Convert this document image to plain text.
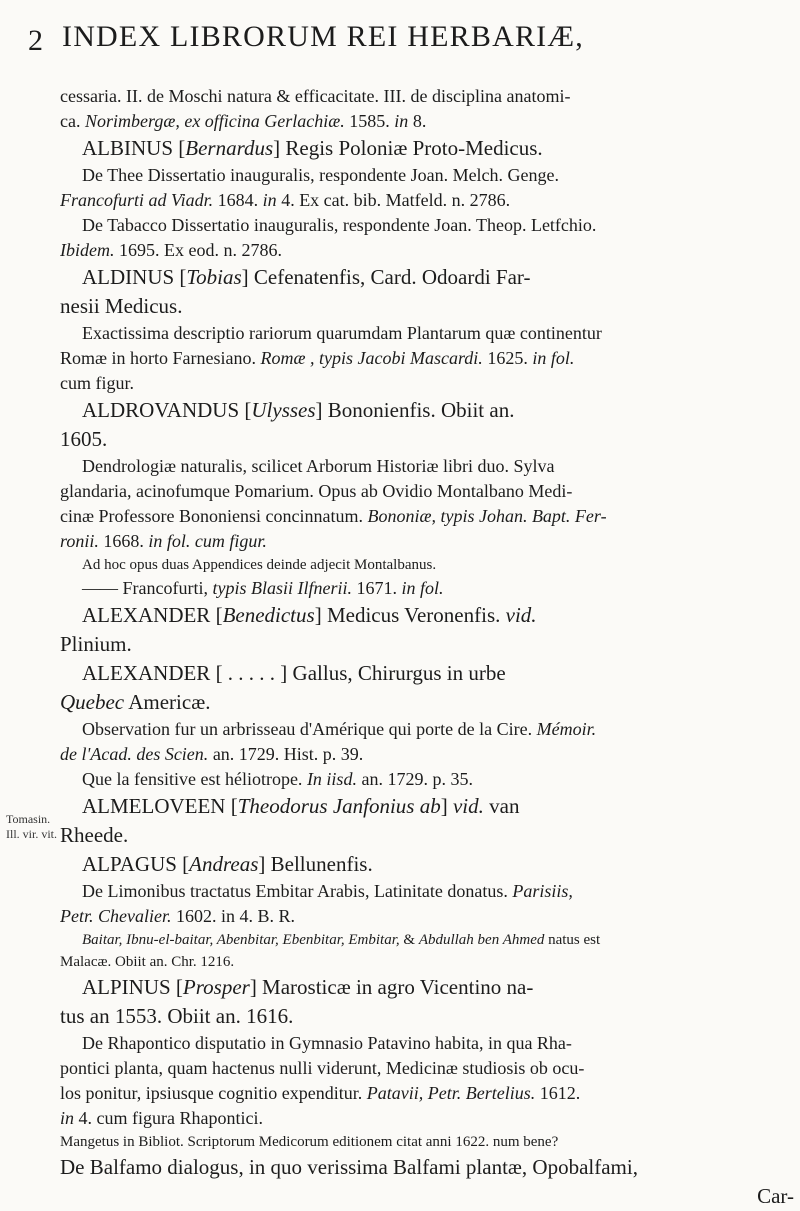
2 INDEX LIBRORUM REI HERBARIÆ,
Tomasin.
Ill. vir. vit.
cessaria. II. de Moschi natura & efficacitate. III. de disciplina anatomi-
ca. Norimbergæ, ex officina Gerlachiæ. 1585. in 8.
ALBINUS [Bernardus] Regis Poloniæ Proto-Medicus.
De Thee Dissertatio inauguralis, respondente Joan. Melch. Genge.
Francofurti ad Viadr. 1684. in 4. Ex cat. bib. Matfeld. n. 2786.
De Tabacco Dissertatio inauguralis, respondente Joan. Theop. Letfchio.
Ibidem. 1695. Ex eod. n. 2786.
ALDINUS [Tobias] Cefenatenfis, Card. Odoardi Far-
nesii Medicus.
Exactissima descriptio rariorum quarumdam Plantarum quæ continentur
Romæ in horto Farnesiano. Romæ , typis Jacobi Mascardi. 1625. in fol.
cum figur.
ALDROVANDUS [Ulysses] Bononienfis. Obiit an.
1605.
Dendrologiæ naturalis, scilicet Arborum Historiæ libri duo. Sylva
glandaria, acinofumque Pomarium. Opus ab Ovidio Montalbano Medi-
cinæ Professore Bononiensi concinnatum. Bononiæ, typis Johan. Bapt. Fer-
ronii. 1668. in fol. cum figur.
Ad hoc opus duas Appendices deinde adjecit Montalbanus.
—— Francofurti, typis Blasii Ilfnerii. 1671. in fol.
ALEXANDER [Benedictus] Medicus Veronenfis. vid.
Plinium.
ALEXANDER [ . . . . . ] Gallus, Chirurgus in urbe
Quebec Americæ.
Observation fur un arbrisseau d'Amérique qui porte de la Cire. Mémoir.
de l'Acad. des Scien. an. 1729. Hist. p. 39.
Que la fensitive est héliotrope. In iisd. an. 1729. p. 35.
ALMELOVEEN [Theodorus Janfonius ab] vid. van
Rheede.
ALPAGUS [Andreas] Bellunenfis.
De Limonibus tractatus Embitar Arabis, Latinitate donatus. Parisiis,
Petr. Chevalier. 1602. in 4. B. R.
Baitar, Ibnu-el-baitar, Abenbitar, Ebenbitar, Embitar, & Abdullah ben Ahmed natus est
Malacæ. Obiit an. Chr. 1216.
ALPINUS [Prosper] Marosticæ in agro Vicentino na-
tus an 1553. Obiit an. 1616.
De Rhapontico disputatio in Gymnasio Patavino habita, in qua Rha-
pontici planta, quam hactenus nulli viderunt, Medicinæ studiosis ob ocu-
los ponitur, ipsiusque cognitio expenditur. Patavii, Petr. Bertelius. 1612.
in 4. cum figura Rhapontici.
Mangetus in Bibliot. Scriptorum Medicorum editionem citat anni 1622. num bene?
De Balfamo dialogus, in quo verissima Balfami plantæ, Opobalfami,
Car-
